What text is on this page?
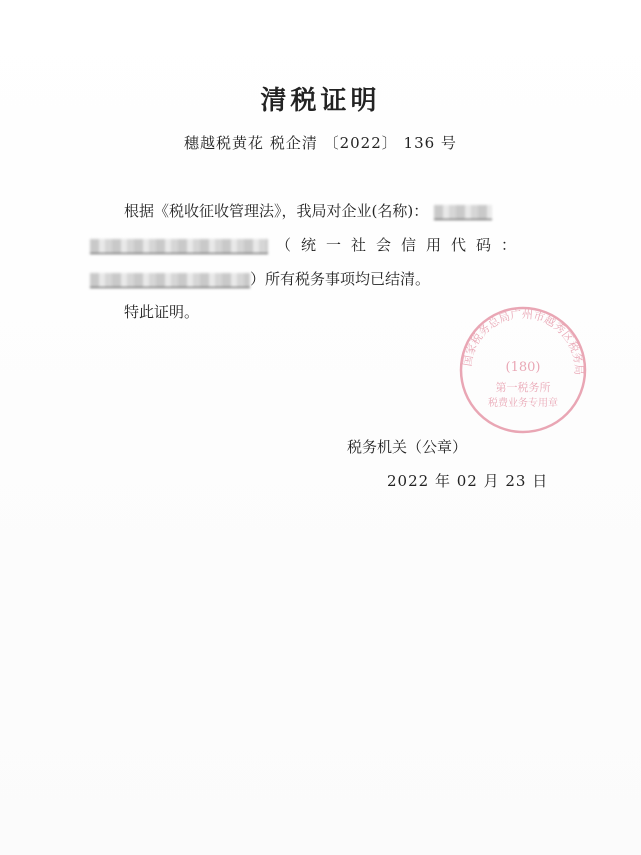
清税证明
穗越税黄花 税企清 〔2022〕 136 号
根据《税收征收管理法》，我局对企业(名称)：
（统一社会信用代码：
）所有税务事项均已结清。
特此证明。
国家税务总局广州市越秀区税务局
(180)
第一税务所
税费业务专用章
税务机关（公章）
2022 年 02 月 23 日
